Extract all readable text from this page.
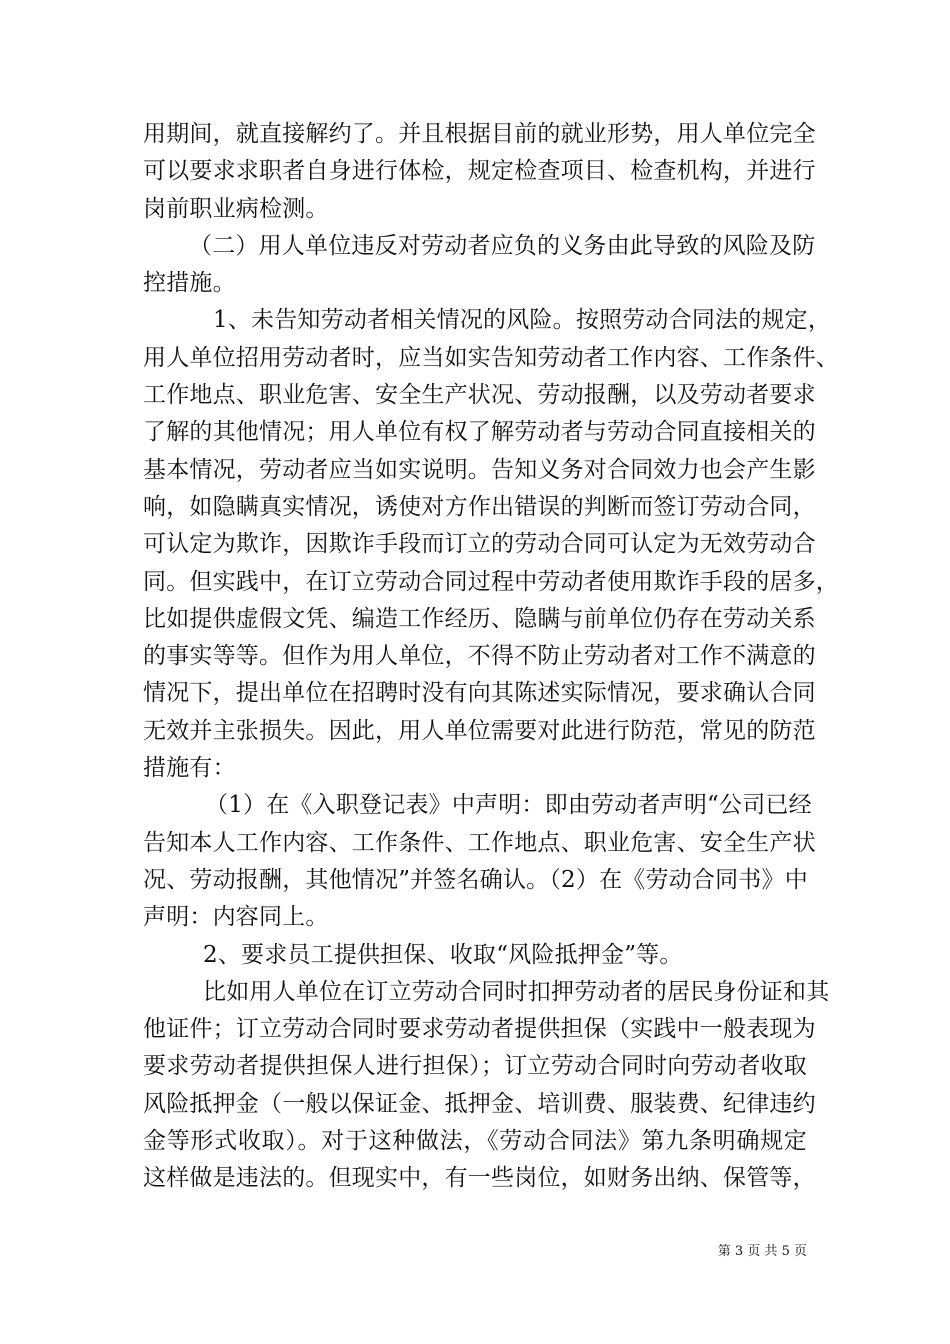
用期间，就直接解约了。并且根据目前的就业形势，用人单位完全
可以要求求职者自身进行体检，规定检查项目、检查机构，并进行
岗前职业病检测。
（二）用人单位违反对劳动者应负的义务由此导致的风险及防
控措施。
1、未告知劳动者相关情况的风险。按照劳动合同法的规定，
用人单位招用劳动者时，应当如实告知劳动者工作内容、工作条件、
工作地点、职业危害、安全生产状况、劳动报酬，以及劳动者要求
了解的其他情况；用人单位有权了解劳动者与劳动合同直接相关的
基本情况，劳动者应当如实说明。告知义务对合同效力也会产生影
响，如隐瞒真实情况，诱使对方作出错误的判断而签订劳动合同，
可认定为欺诈，因欺诈手段而订立的劳动合同可认定为无效劳动合
同。但实践中，在订立劳动合同过程中劳动者使用欺诈手段的居多，
比如提供虚假文凭、编造工作经历、隐瞒与前单位仍存在劳动关系
的事实等等。但作为用人单位，不得不防止劳动者对工作不满意的
情况下，提出单位在招聘时没有向其陈述实际情况，要求确认合同
无效并主张损失。因此，用人单位需要对此进行防范，常见的防范
措施有：
（1）在《入职登记表》中声明：即由劳动者声明“公司已经
告知本人工作内容、工作条件、工作地点、职业危害、安全生产状
况、劳动报酬，其他情况”并签名确认。（2）在《劳动合同书》中
声明：内容同上。
2、要求员工提供担保、收取“风险抵押金”等。
比如用人单位在订立劳动合同时扣押劳动者的居民身份证和其
他证件；订立劳动合同时要求劳动者提供担保（实践中一般表现为
要求劳动者提供担保人进行担保）；订立劳动合同时向劳动者收取
风险抵押金（一般以保证金、抵押金、培训费、服装费、纪律违约
金等形式收取）。对于这种做法，《劳动合同法》第九条明确规定
这样做是违法的。但现实中，有一些岗位，如财务出纳、保管等，
第 3 页 共 5 页
